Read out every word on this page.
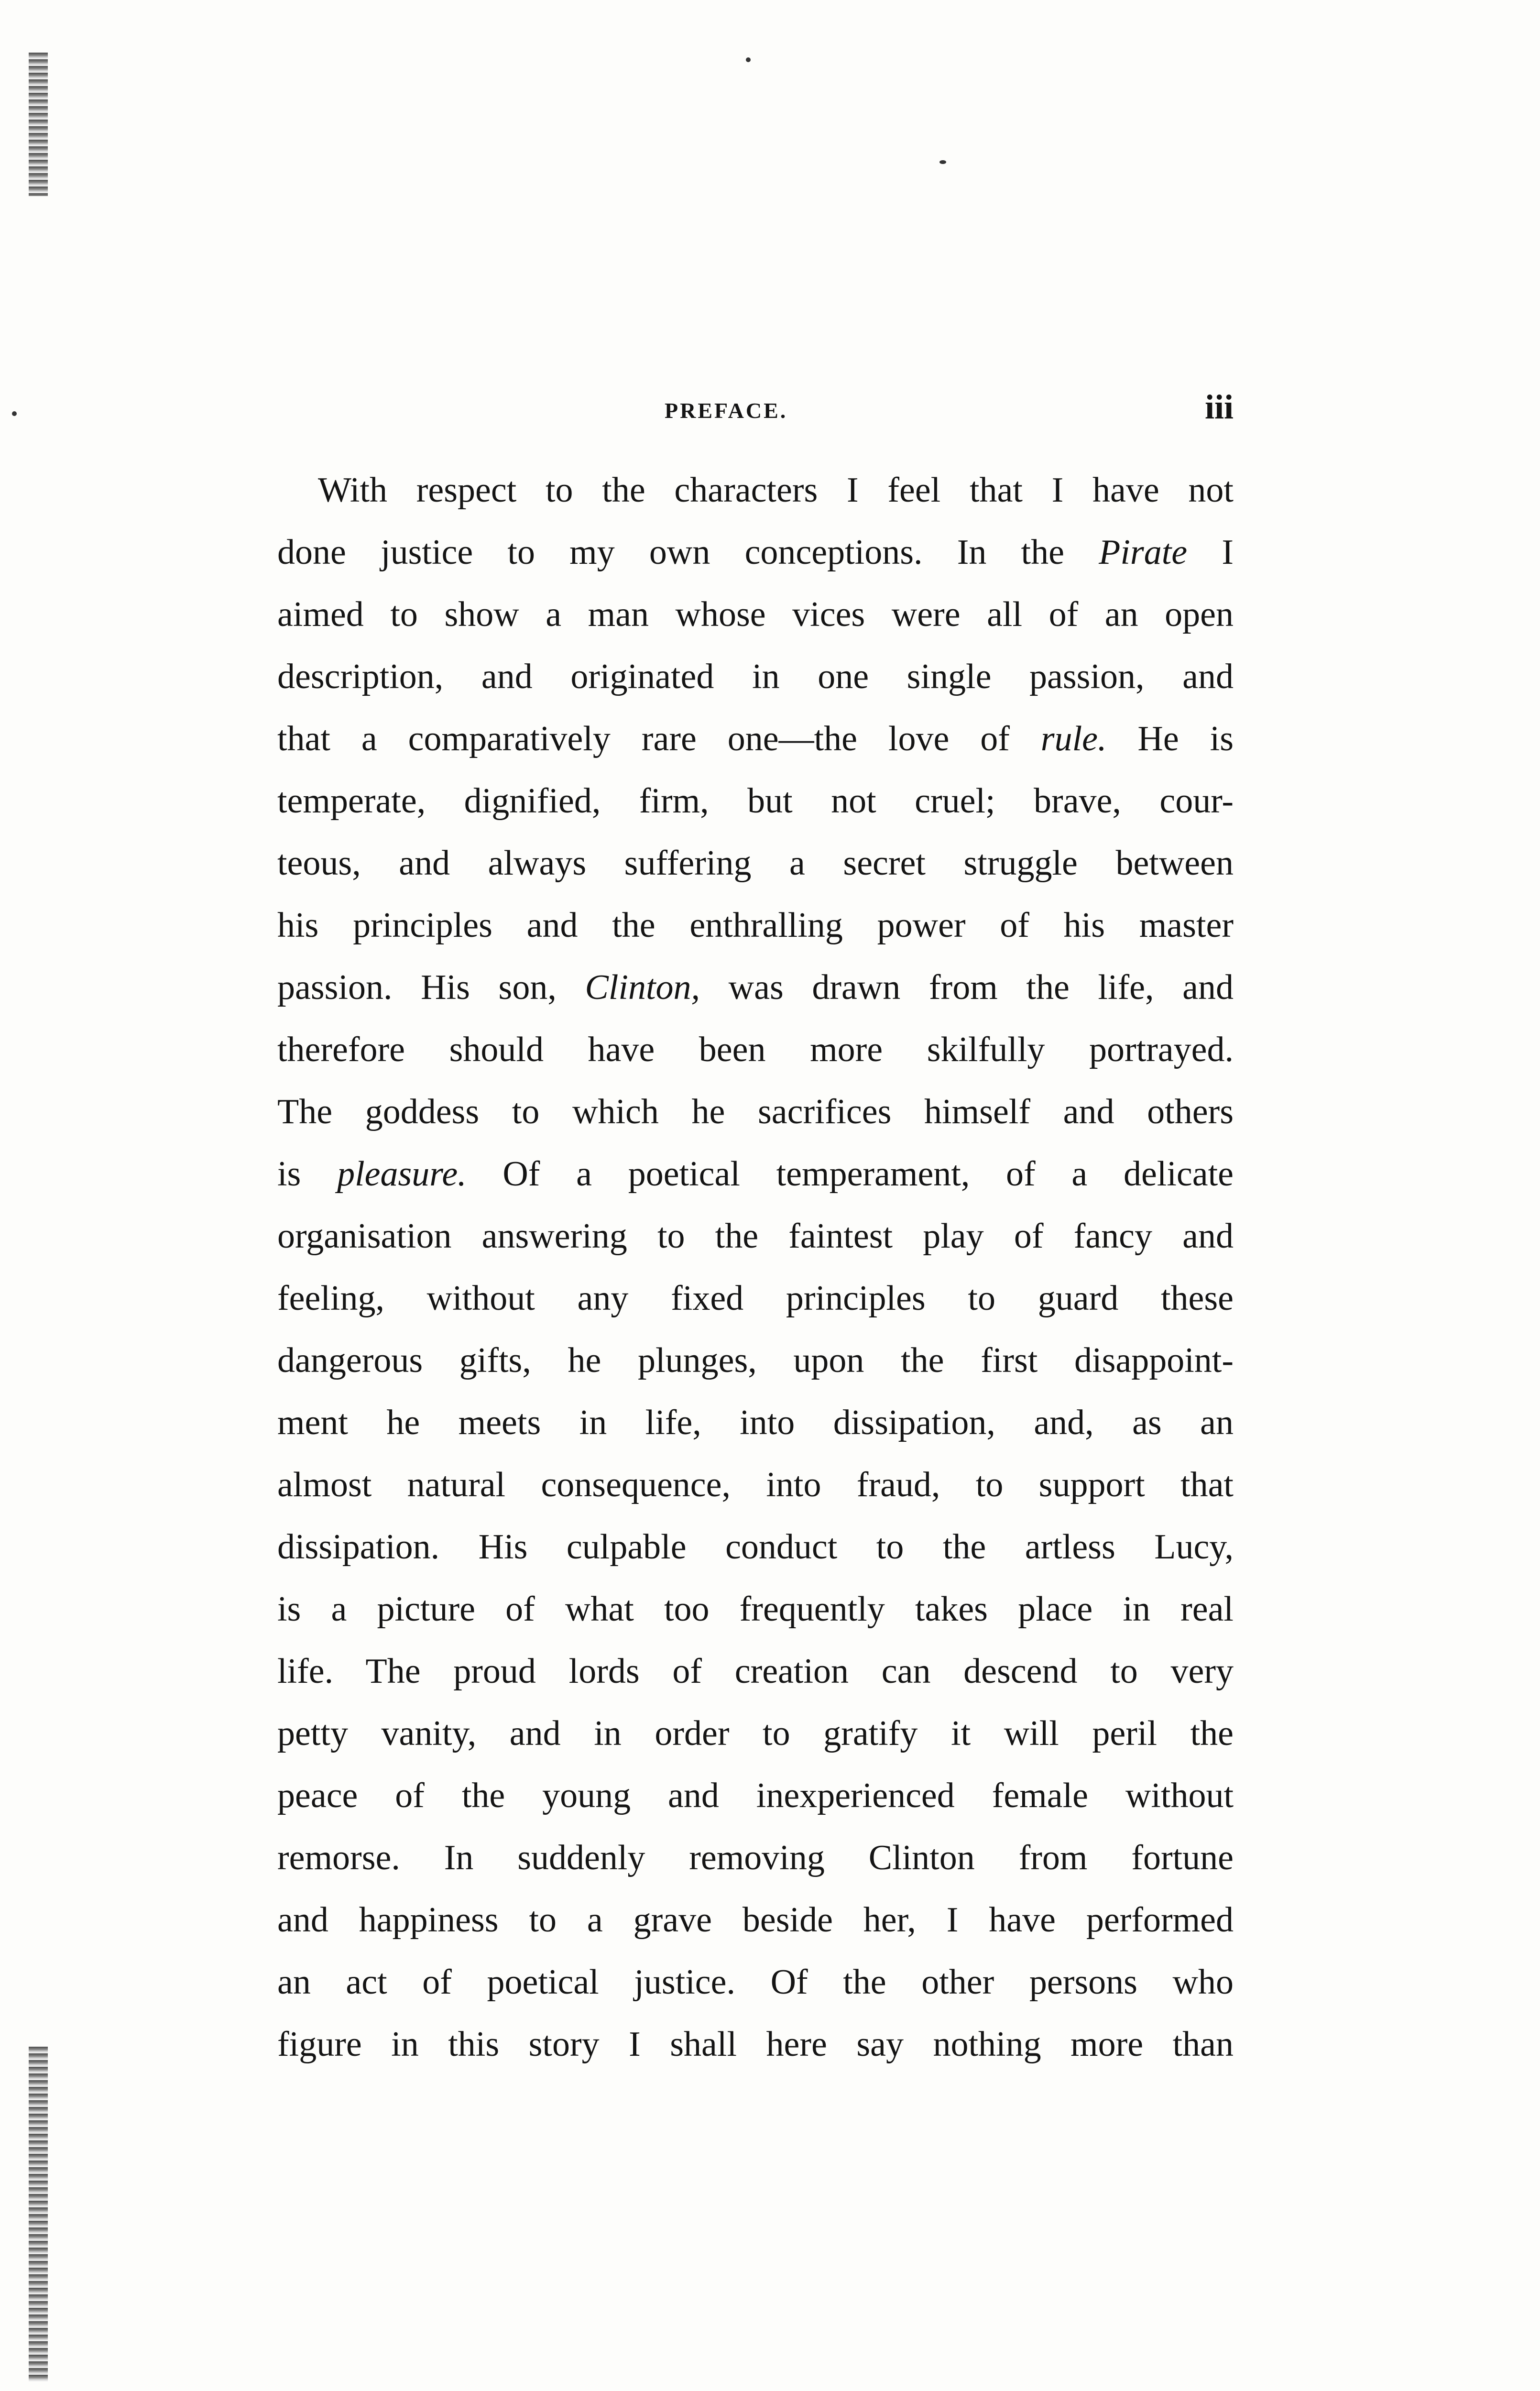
PREFACE.	iii
With respect to the characters I feel that I have not
done justice to my own conceptions. In the Pirate I
aimed to show a man whose vices were all of an open
description, and originated in one single passion, and
that a comparatively rare one—the love of rule. He is
temperate, dignified, firm, but not cruel; brave, cour-
teous, and always suffering a secret struggle between
his principles and the enthralling power of his master
passion. His son, Clinton, was drawn from the life, and
therefore should have been more skilfully portrayed.
The goddess to which he sacrifices himself and others
is pleasure. Of a poetical temperament, of a delicate
organisation answering to the faintest play of fancy and
feeling, without any fixed principles to guard these
dangerous gifts, he plunges, upon the first disappoint-
ment he meets in life, into dissipation, and, as an
almost natural consequence, into fraud, to support that
dissipation. His culpable conduct to the artless Lucy,
is a picture of what too frequently takes place in real
life. The proud lords of creation can descend to very
petty vanity, and in order to gratify it will peril the
peace of the young and inexperienced female without
remorse. In suddenly removing Clinton from fortune
and happiness to a grave beside her, I have performed
an act of poetical justice. Of the other persons who
figure in this story I shall here say nothing more than
